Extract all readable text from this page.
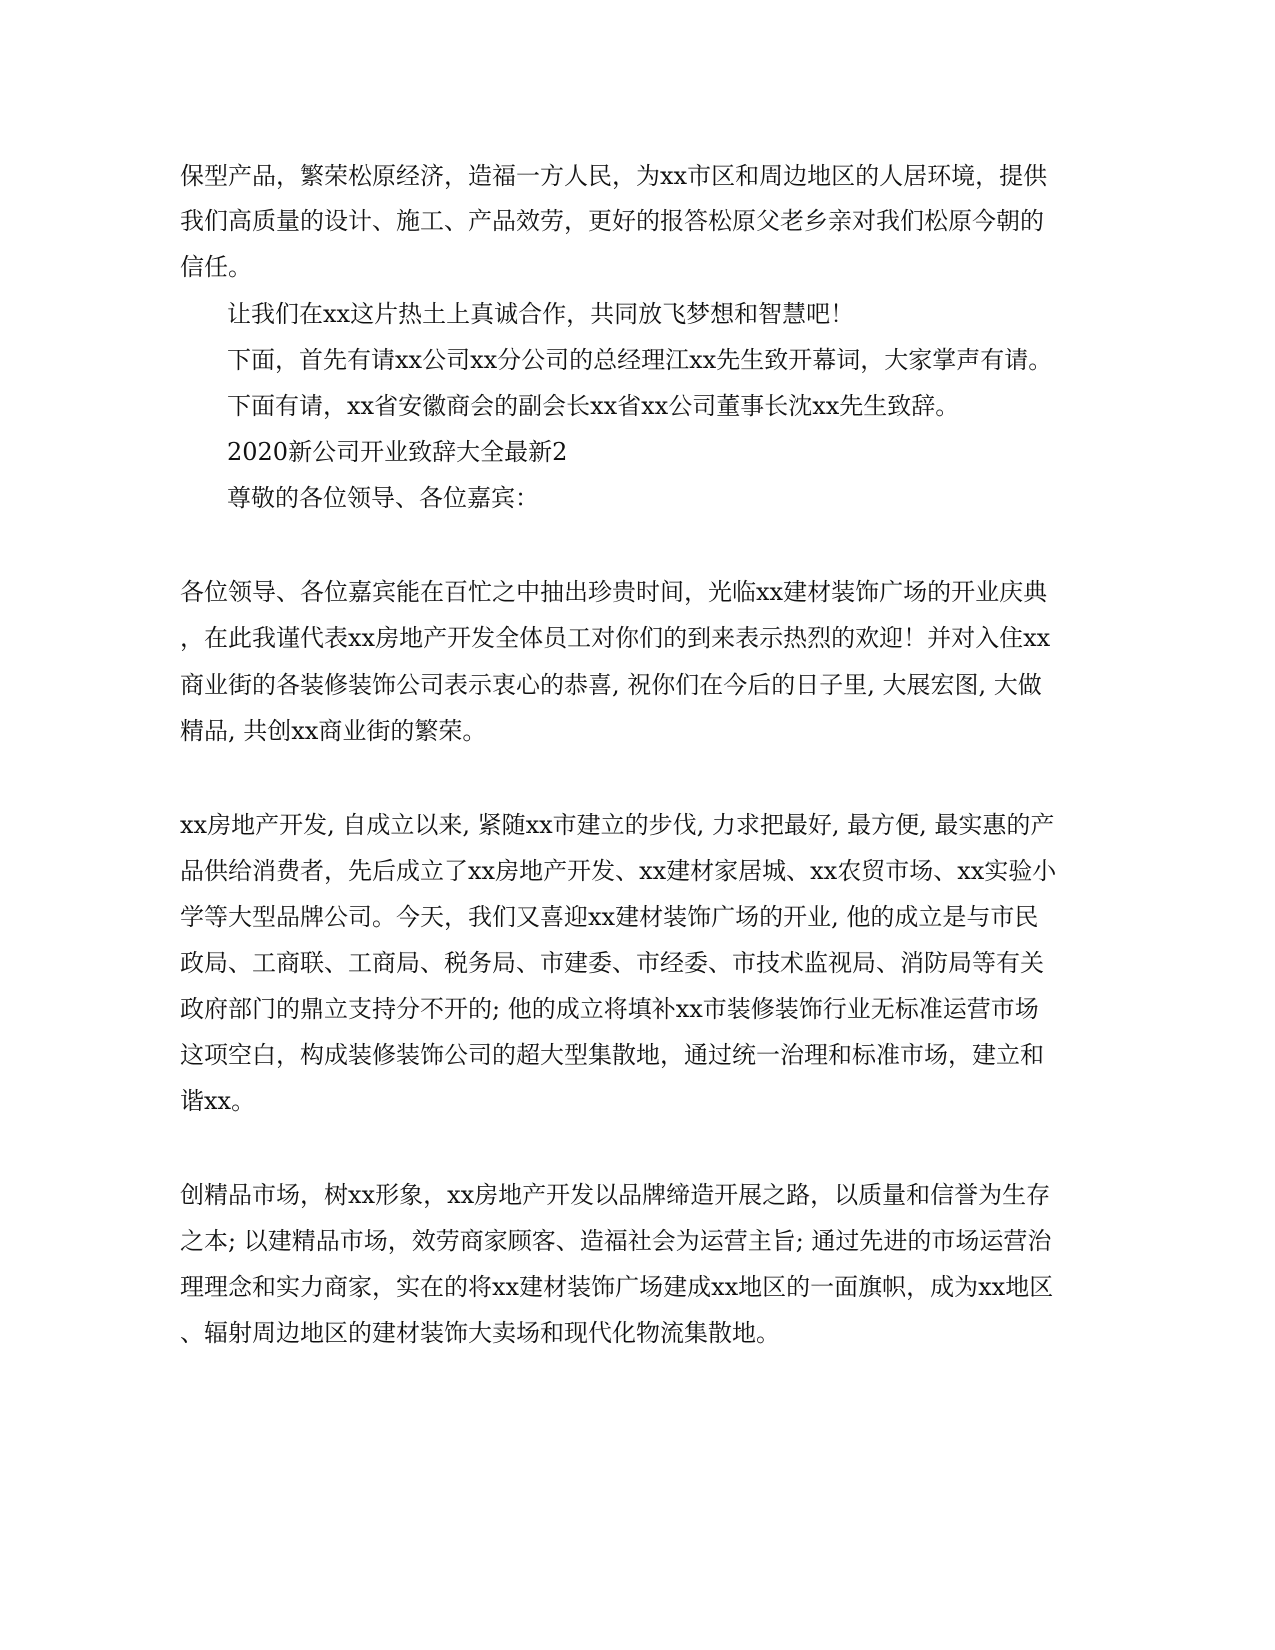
保型产品，繁荣松原经济，造福一方人民，为xx市区和周边地区的人居环境，提供
我们高质量的设计、施工、产品效劳，更好的报答松原父老乡亲对我们松原今朝的
信任。
让我们在xx这片热土上真诚合作，共同放飞梦想和智慧吧！
下面，首先有请xx公司xx分公司的总经理江xx先生致开幕词，大家掌声有请。
下面有请，xx省安徽商会的副会长xx省xx公司董事长沈xx先生致辞。
2020新公司开业致辞大全最新2
尊敬的各位领导、各位嘉宾：
各位领导、各位嘉宾能在百忙之中抽出珍贵时间，光临xx建材装饰广场的开业庆典
，在此我谨代表xx房地产开发全体员工对你们的到来表示热烈的欢迎！并对入住xx
商业街的各装修装饰公司表示衷心的恭喜, 祝你们在今后的日子里, 大展宏图, 大做
精品, 共创xx商业街的繁荣。
xx房地产开发, 自成立以来, 紧随xx市建立的步伐, 力求把最好, 最方便, 最实惠的产
品供给消费者，先后成立了xx房地产开发、xx建材家居城、xx农贸市场、xx实验小
学等大型品牌公司。今天，我们又喜迎xx建材装饰广场的开业, 他的成立是与市民
政局、工商联、工商局、税务局、市建委、市经委、市技术监视局、消防局等有关
政府部门的鼎立支持分不开的; 他的成立将填补xx市装修装饰行业无标准运营市场
这项空白，构成装修装饰公司的超大型集散地，通过统一治理和标准市场，建立和
谐xx。
创精品市场，树xx形象，xx房地产开发以品牌缔造开展之路，以质量和信誉为生存
之本; 以建精品市场，效劳商家顾客、造福社会为运营主旨; 通过先进的市场运营治
理理念和实力商家，实在的将xx建材装饰广场建成xx地区的一面旗帜，成为xx地区
、辐射周边地区的建材装饰大卖场和现代化物流集散地。
